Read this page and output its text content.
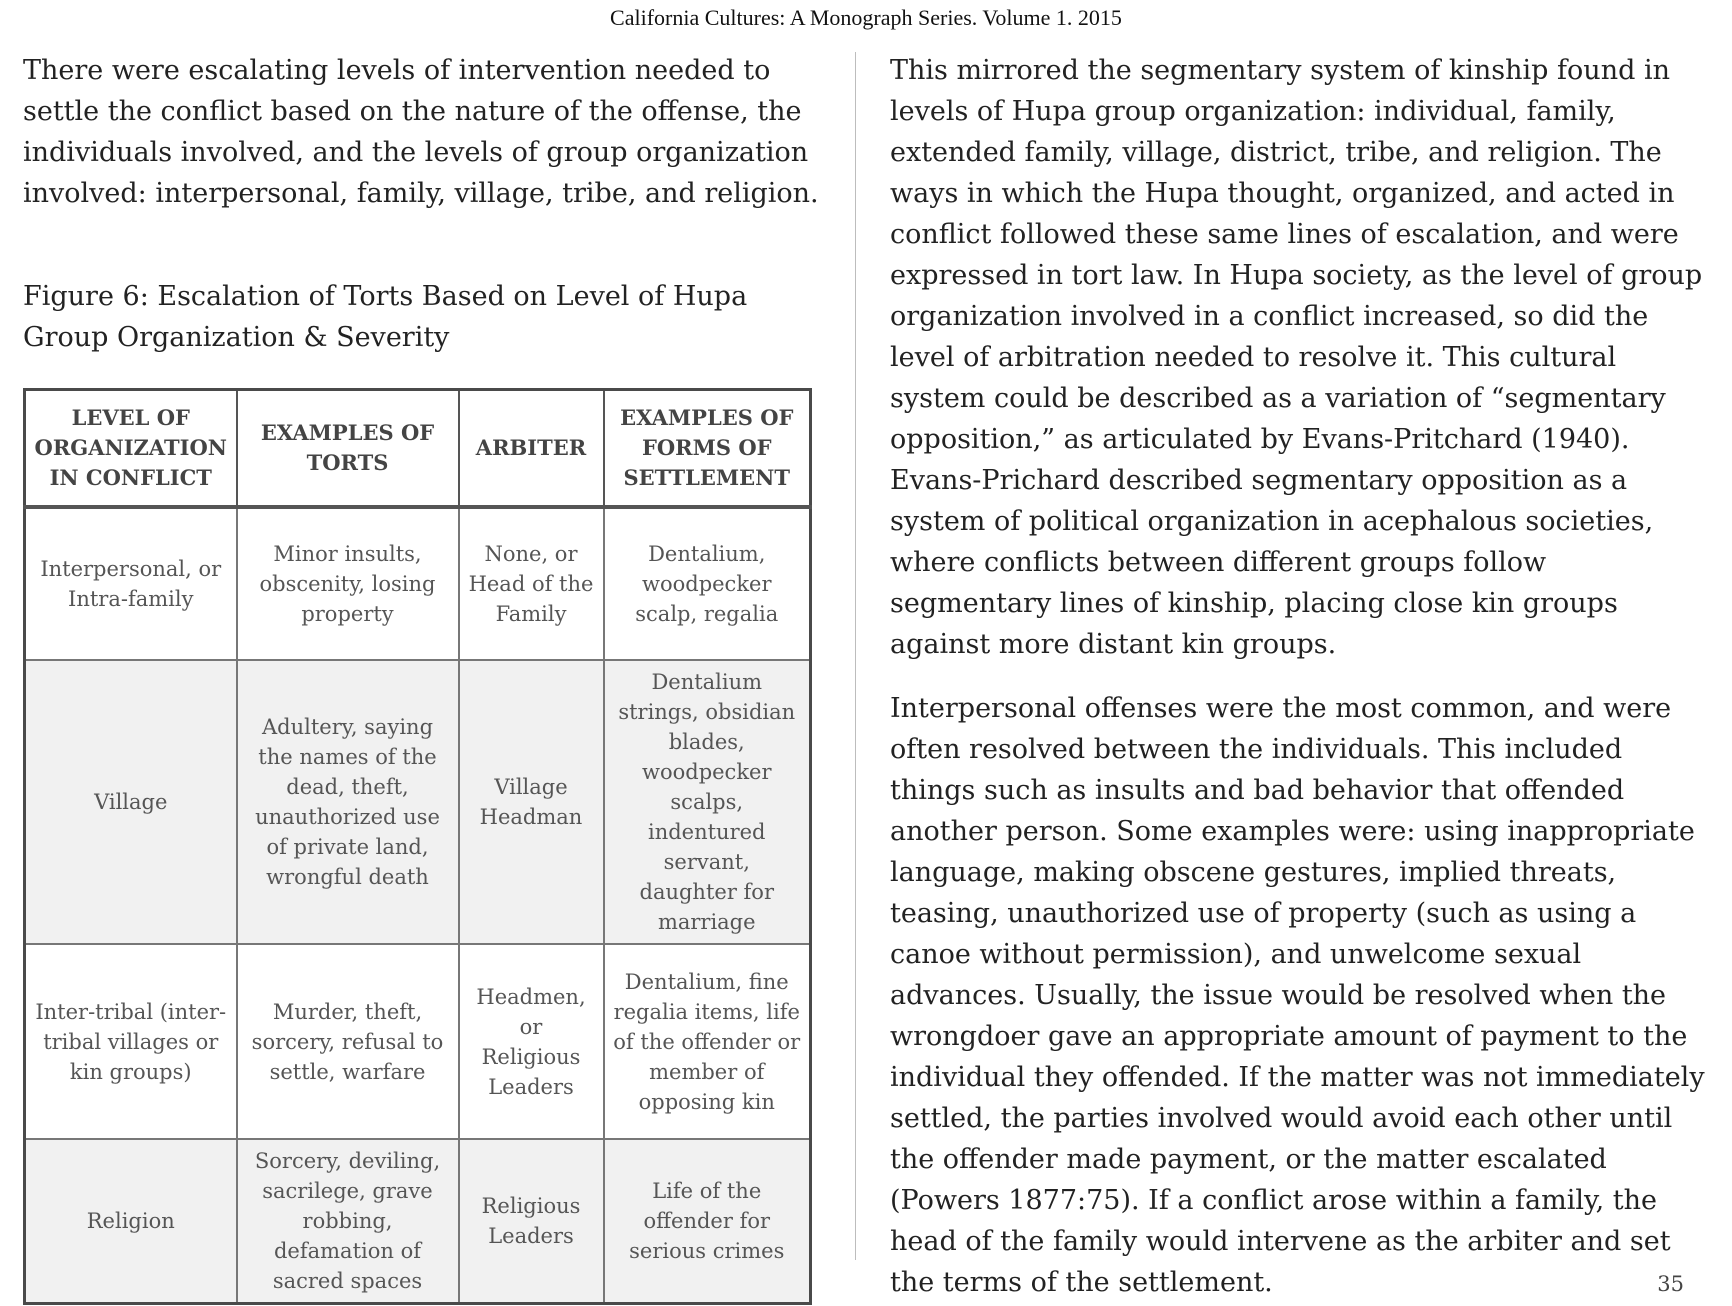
California Cultures: A Monograph Series. Volume 1. 2015

There were escalating levels of intervention needed to settle the conflict based on the nature of the offense, the individuals involved, and the levels of group organization involved: interpersonal, family, village, tribe, and religion.

Figure 6: Escalation of Torts Based on Level of Hupa Group Organization & Severity

LEVEL OF ORGANIZATION IN CONFLICT	EXAMPLES OF TORTS	ARBITER	EXAMPLES OF FORMS OF SETTLEMENT
Interpersonal, or Intra-family	Minor insults, obscenity, losing property	None, or Head of the Family	Dentalium, woodpecker scalp, regalia
Village	Adultery, saying the names of the dead, theft, unauthorized use of private land, wrongful death	Village Headman	Dentalium strings, obsidian blades, woodpecker scalps, indentured servant, daughter for marriage
Inter-tribal (inter-tribal villages or kin groups)	Murder, theft, sorcery, refusal to settle, warfare	Headmen, or Religious Leaders	Dentalium, fine regalia items, life of the offender or member of opposing kin
Religion	Sorcery, deviling, sacrilege, grave robbing, defamation of sacred spaces	Religious Leaders	Life of the offender for serious crimes

This mirrored the segmentary system of kinship found in levels of Hupa group organization: individual, family, extended family, village, district, tribe, and religion. The ways in which the Hupa thought, organized, and acted in conflict followed these same lines of escalation, and were expressed in tort law. In Hupa society, as the level of group organization involved in a conflict increased, so did the level of arbitration needed to resolve it. This cultural system could be described as a variation of “segmentary opposition,” as articulated by Evans-Pritchard (1940). Evans-Prichard described segmentary opposition as a system of political organization in acephalous societies, where conflicts between different groups follow segmentary lines of kinship, placing close kin groups against more distant kin groups.

Interpersonal offenses were the most common, and were often resolved between the individuals. This included things such as insults and bad behavior that offended another person. Some examples were: using inappropriate language, making obscene gestures, implied threats, teasing, unauthorized use of property (such as using a canoe without permission), and unwelcome sexual advances. Usually, the issue would be resolved when the wrongdoer gave an appropriate amount of payment to the individual they offended. If the matter was not immediately settled, the parties involved would avoid each other until the offender made payment, or the matter escalated (Powers 1877:75). If a conflict arose within a family, the head of the family would intervene as the arbiter and set the terms of the settlement.	35
